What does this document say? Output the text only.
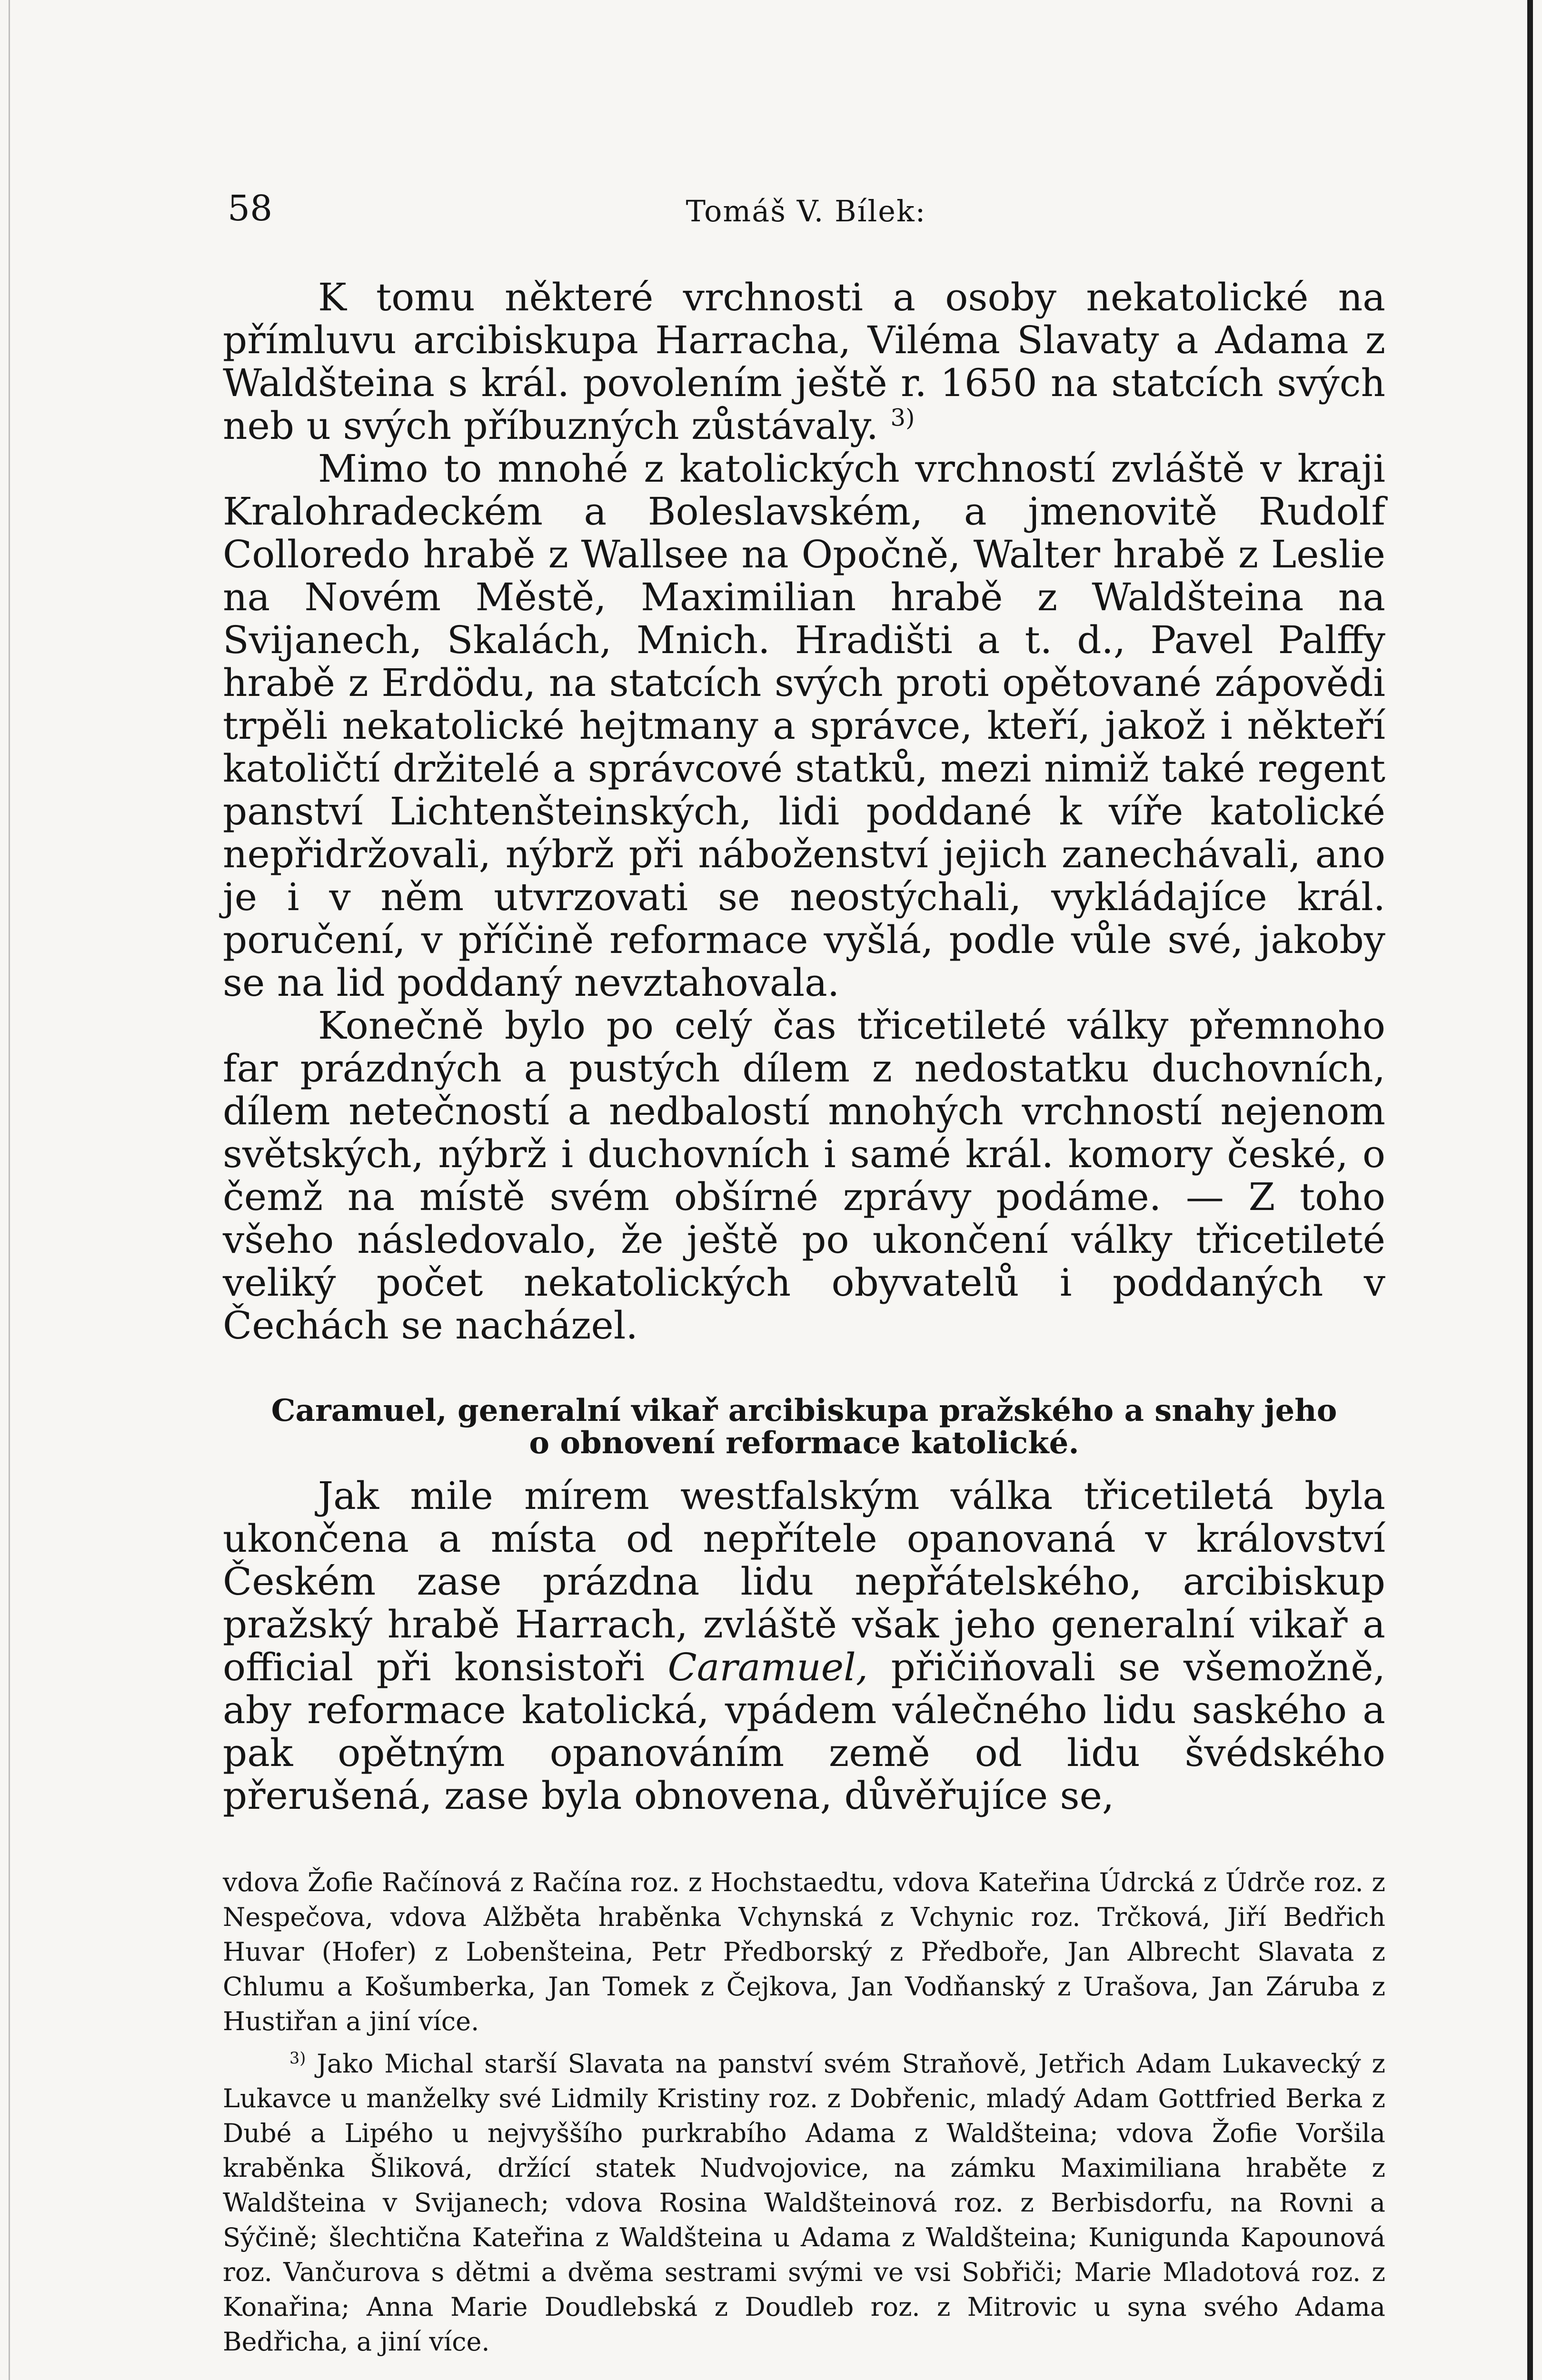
58	Tomáš V. Bílek:

K tomu některé vrchnosti a osoby nekatolické na přímluvu arcibiskupa Harracha, Viléma Slavaty a Adama z Waldšteina s král. povolením ještě r. 1650 na statcích svých neb u svých příbuzných zůstávaly. $^{3)}$

Mimo to mnohé z katolických vrchností zvláště v kraji Kralohradeckém a Boleslavském, a jmenovitě Rudolf Colloredo hrabě z Wallsee na Opočně, Walter hrabě z Leslie na Novém Městě, Maximilian hrabě z Waldšteina na Svijanech, Skalách, Mnich. Hradišti a t. d., Pavel Palffy hrabě z Erdödu, na statcích svých proti opětované zápovědi trpěli nekatolické hejtmany a správce, kteří, jakož i někteří katoličtí držitelé a správcové statků, mezi nimiž také regent panství Lichtenšteinských, lidi poddané k víře katolické nepřidržovali, nýbrž při náboženství jejich zanechávali, ano je i v něm utvrzovati se neostýchali, vykládajíce král. poručení, v příčině reformace vyšlá, podle vůle své, jakoby se na lid poddaný nevztahovala.

Konečně bylo po celý čas třicetileté války přemnoho far prázdných a pustých dílem z nedostatku duchovních, dílem netečností a nedbalostí mnohých vrchností nejenom světských, nýbrž i duchovních i samé král. komory české, o čemž na místě svém obšírné zprávy podáme. — Z toho všeho následovalo, že ještě po ukončení války třicetileté veliký počet nekatolických obyvatelů i poddaných v Čechách se nacházel.

Caramuel, generalní vikař arcibiskupa pražského a snahy jeho
o obnovení reformace katolické.

Jak mile mírem westfalským válka třicetiletá byla ukončena a místa od nepřítele opanovaná v království Českém zase prázdna lidu nepřátelského, arcibiskup pražský hrabě Harrach, zvláště však jeho generalní vikař a official při konsistoři Caramuel, přičiňovali se všemožně, aby reformace katolická, vpádem válečného lidu saského a pak opětným opanováním země od lidu švédského přerušená, zase byla obnovena, důvěřujíce se,

vdova Žofie Račínová z Račína roz. z Hochstaedtu, vdova Kateřina Údrcká z Údrče roz. z Nespečova, vdova Alžběta hraběnka Vchynská z Vchynic roz. Trčková, Jiří Bedřich Huvar (Hofer) z Lobenšteina, Petr Předborský z Předboře, Jan Albrecht Slavata z Chlumu a Košumberka, Jan Tomek z Čejkova, Jan Vodňanský z Urašova, Jan Záruba z Hustiřan a jiní více.

$^{3)}$ Jako Michal starší Slavata na panství svém Straňově, Jetřich Adam Lukavecký z Lukavce u manželky své Lidmily Kristiny roz. z Dobřenic, mladý Adam Gottfried Berka z Dubé a Lipého u nejvyššího purkrabího Adama z Waldšteina; vdova Žofie Voršila kraběnka Šliková, držící statek Nudvojovice, na zámku Maximiliana hraběte z Waldšteina v Svijanech; vdova Rosina Waldšteinová roz. z Berbisdorfu, na Rovni a Sýčině; šlechtična Kateřina z Waldšteina u Adama z Waldšteina; Kunigunda Kapounová roz. Vančurova s dětmi a dvěma sestrami svými ve vsi Sobřiči; Marie Mladotová roz. z Konařina; Anna Marie Doudlebská z Doudleb roz. z Mitrovic u syna svého Adama Bedřicha, a jiní více.
